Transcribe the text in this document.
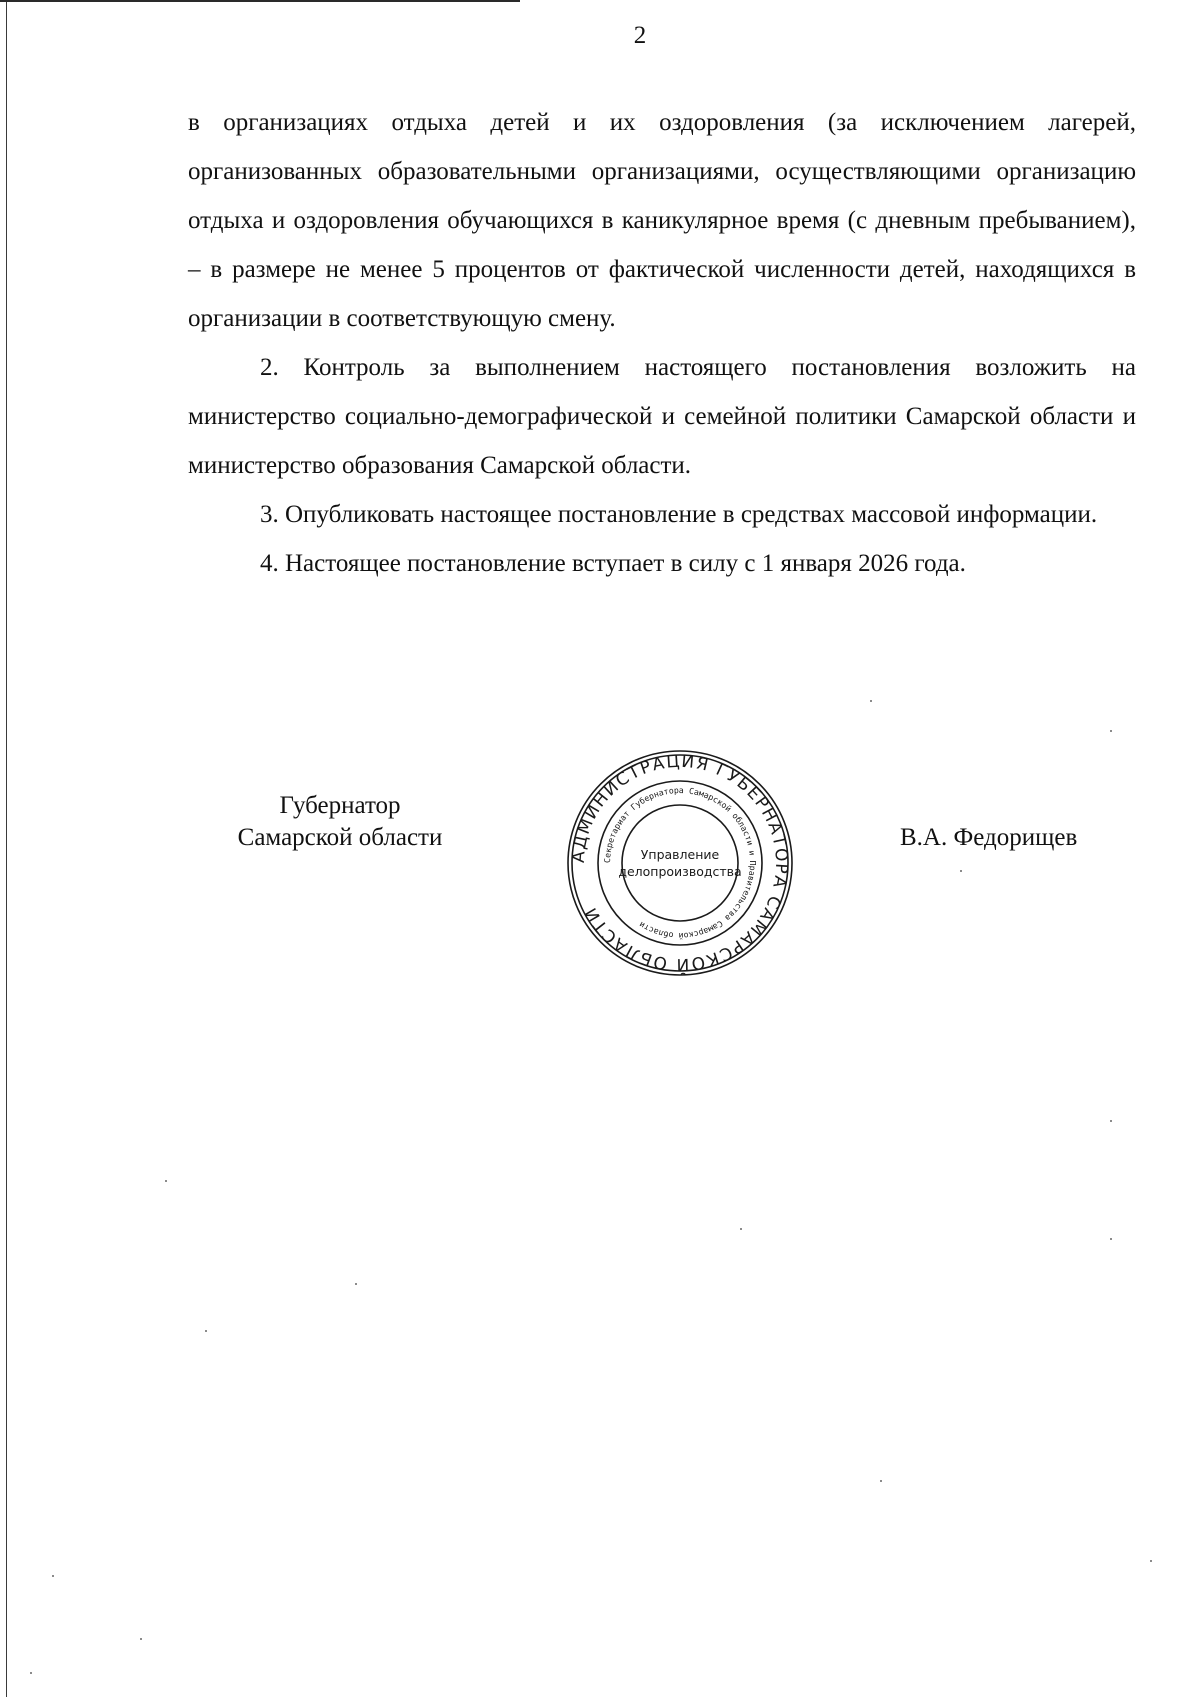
2

в организациях отдыха детей и их оздоровления (за исключением лагерей, организованных образовательными организациями, осуществляющими организацию отдыха и оздоровления обучающихся в каникулярное время (с дневным пребыванием), – в размере не менее 5 процентов от фактической численности детей, находящихся в организации в соответствующую смену.

2. Контроль за выполнением настоящего постановления возложить на министерство социально-демографической и семейной политики Самарской области и министерство образования Самарской области.

3. Опубликовать настоящее постановление в средствах массовой информации.

4. Настоящее постановление вступает в силу с 1 января 2026 года.

Губернатор
Самарской области	В.А. Федорищев
АДМИНИСТРАЦИЯ ГУБЕРНАТОРА САМАРСКОЙ ОБЛАСТИ
Секретариат Губернатора Самарской области и Правительства Самарской области
Управление
делопроизводства
